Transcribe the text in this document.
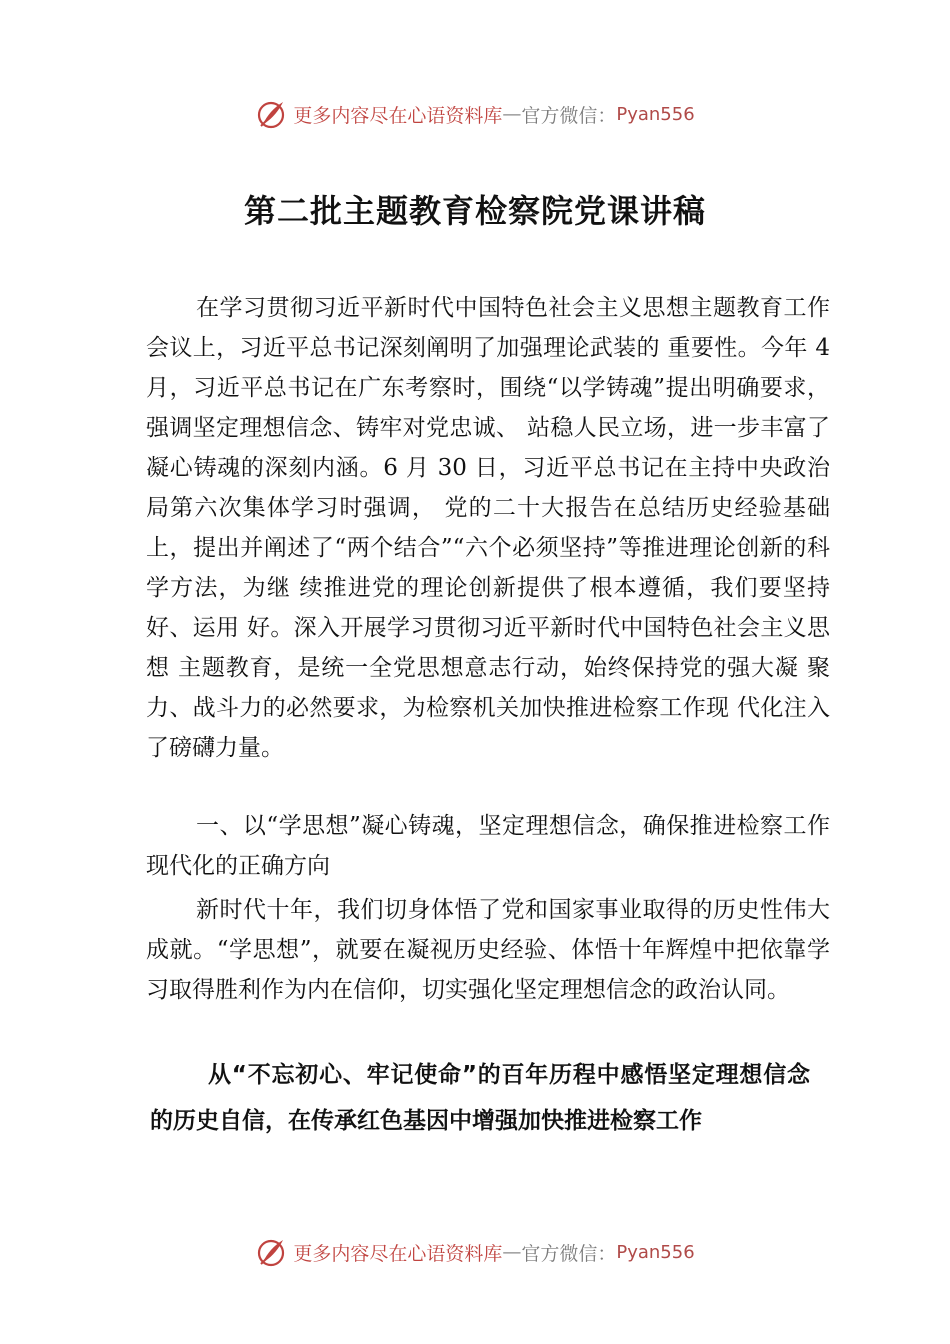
更多内容尽在心语资料库 — 官方微信： Pyan556
第二批主题教育检察院党课讲稿

在学习贯彻习近平新时代中国特色社会主义思想主题教育工作会议上，习近平总书记深刻阐明了加强理论武装的 重要性。今年 4 月，习近平总书记在广东考察时，围绕“以学铸魂”提出明确要求，强调坚定理想信念、铸牢对党忠诚、 站稳人民立场，进一步丰富了凝心铸魂的深刻内涵。6 月 30 日，习近平总书记在主持中央政治局第六次集体学习时强调， 党的二十大报告在总结历史经验基础上，提出并阐述了“两个结合”“六个必须坚持”等推进理论创新的科学方法，为继 续推进党的理论创新提供了根本遵循，我们要坚持好、运用 好。深入开展学习贯彻习近平新时代中国特色社会主义思想 主题教育，是统一全党思想意志行动，始终保持党的强大凝 聚力、战斗力的必然要求，为检察机关加快推进检察工作现 代化注入了磅礴力量。

一、以“学思想”凝心铸魂，坚定理想信念，确保推进检察工作现代化的正确方向

新时代十年，我们切身体悟了党和国家事业取得的历史性伟大成就。“学思想”，就要在凝视历史经验、体悟十年辉煌中把依靠学习取得胜利作为内在信仰，切实强化坚定理想信念的政治认同。

从“不忘初心、牢记使命”的百年历程中感悟坚定理想信念的历史自信，在传承红色基因中增强加快推进检察工作

更多内容尽在心语资料库 — 官方微信： Pyan556
